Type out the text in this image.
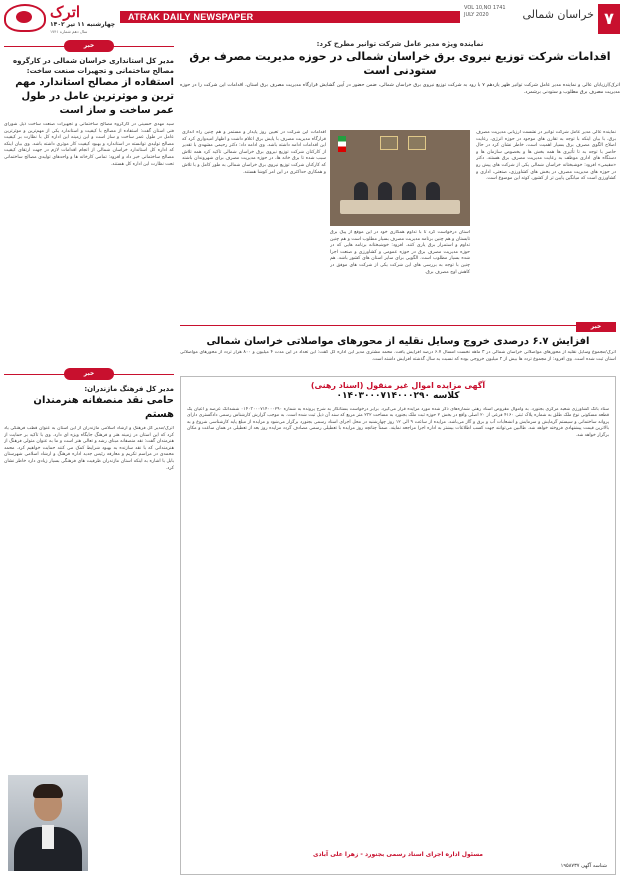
۷
خراسان شمالی
VOL 10,NO 1741 JULY 2020
ATRAK DAILY NEWSPAPER
اترک
چهارشنبه ۱۱ تیر ۱۴۰۲
سال دهم شماره ۱۷۴۱
نماینده ویژه مدیر عامل شرکت توانیر مطرح کرد:
اقدامات شرکت توزیع نیروی برق خراسان شمالی در حوزه مدیریت مصرف برق ستودنی است
اترک/ارزیابان عالی و نماینده مدیر عامل شرکت توانیر ظهر یازدهم ۷ با رود به شرکت توزیع نیروی برق خراسان شمالی، ضمن حضور در آیین گشایش قرارگاه مدیریت مصرف برق استان، اقدامات این شرکت را در حوزه مدیریت مصرف برق مطلوب و ستودنی برشمرد.
نماینده عالی مدیر عامل شرکت توانیر در نشست ارزیابی مدیریت مصرف برق، با بیان اینکه با توجه به تقارن های موجود در حوزه انرژی، رعایت اصلاح الگوی مصرف برق بسیار اهمیت است، خاطر نشان کرد در حال حاضر با توجه به تا تأثیری ها همه بخش ها و بخصوص سازمان ها و دستگاه های اداری موظف به رعایت مدیریت مصرف برق هستند. دکتر «مقیمی» افزود: خوشبختانه خراسان شمالی یکی از شرکت های پیش رو در حوزه های مدیریت مصرف در بخش های کشاورزی، صنعتی، اداری و کشاورزی است که میانگین پایین تر از کشور، کوته این موضوع است.
استان درخواست کرد تا با تداوم همکاری خود در این موقع از پیک برق تابستان و هم چنین برنامه مدیریت مصرف بسیار مطلوب است و هم چنین تداوم و استمرار برق یاری کنند. افزود: خوشبختانه برنامه هایی که در حوزه مدیریت مصرف برق در حوزه عمومی و کشاورزی و صنعت اجرا شده بسیار مطلوب است. الگویی برای سایر استان های کشور باشد. هم چنین با توجه به بررسی های این شرکت یکی از شرکت های موفق در کاهش اوج مصرف برق.
اقدامات این شرکت در تعیین روز پایدار و مستمر و هم چنین راه اندازی قرارگاه مدیریت مصرف با پایش برق اعلام داشت و اظهار امیدواری کرد که این اقدامات ادامه داشته باشد. وی ادامه داد: دکتر رحیمی مشهدی با تقدیر از کارکنان شرکت توزیع نیروی برق خراسان شمالی تاکید کرد همه تلاش سبب شده تا برق خانه ها، در حوزه مدیریت مصرف برای شهروندان باشند که کارکنان شرکت توزیع نیروی برق خراسان شمالی به طور کامل و با تلاش و همکاری حداکثری در این امر کوشا هستند.
خبر
افزایش ۶.۷ درصدی خروج وسایل نقلیه از محورهای مواصلاتی خراسان شمالی
اترک/مجموع وسایل نقلیه از محورهای مواصلاتی خراسان شمالی در ۳ ماهه نخست امسال ۶.۷ درصد افزایش یافت. محمد مشتری مدیر این اداره کل گفت: این تعداد در این مدت ۴ میلیون و ۸۰۰ هزار تردد از محورهای مواصلاتی استان ثبت شده است. وی افزود: از مجموع تردد ها بیش از ۲ میلیون خروجی بوده که نسبت به سال گذشته افزایش داشته است.
آگهی مزایده اموال غیر منقول (اسناد رهنی)
کلاسه ۰۱۴۰۳۰۰۰۷۱۴۰۰۰۲۹۰
ستاد بانک کشاورزی شعبه مرکزی بجنورد. به واموال مقروض اسناد رهنی شماره‌های ذکر شده مورد مزایده قرار می‌گیرد. برابر درخواست بستانکار به شرح پرونده به شماره ۰۱۴۰۳۰۰۰۷۱۴۰۰۰۲۹۰ ششدانگ عرصه و اعیان یک قطعه مسکونی نوع ملک طلق به شماره پلاک ثبتی ۴۱۶۰ فرعی از ۲۰ اصلی واقع در بخش ۲ حوزه ثبت ملک بجنورد به مساحت ۲۳۲ متر مربع که سند آن ذیل ثبت شده است. به موجب گزارش کارشناس رسمی دادگستری دارای پروانه ساختمانی و سیستم گرمایش و سرمایش و انشعابات آب و برق و گاز می‌باشد. مزایده از ساعت ۹ الی ۱۲ روز چهارشنبه در محل اجرای اسناد رسمی بجنورد برگزار می‌شود و مزایده از مبلغ پایه کارشناسی شروع و به بالاترین قیمت پیشنهادی فروخته خواهد شد. طالبین می‌توانند جهت کسب اطلاعات بیشتر به اداره اجرا مراجعه نمایند. ضمناً چنانچه روز مزایده با تعطیلی رسمی مصادف گردد مزایده روز بعد از تعطیلی در همان ساعت و مکان برگزار خواهد شد.
مسئول اداره اجرای اسناد رسمی بجنورد - زهرا علی آبادی
شناسه آگهی ۱۹۵۸۷۳۷
خبر
مدیر کل استانداری خراسان شمالی در کارگروه مصالح ساختمانی و تجهیزات صنعت ساخت:
استفاده از مصالح استاندارد مهم ترین و موثرترین عامل در طول عمر ساخت و ساز است
سید مهدی حسینی در کارگروه مصالح ساختمانی و تجهیزات صنعت ساخت ذیل شورای فنی استان گفت: استفاده از مصالح با کیفیت و استاندارد یکی از مهم‌ترین و موثرترین عامل در طول عمر ساخت و ساز است و این زمینه این اداره کل با نظارت بر کیفیت مصالح تولیدی توانسته در استاندارد و بهبود کیفیت کار موثری داشته باشد. وی بیان اینکه که اداره کل استاندارد خراسان شمالی از انجام اقدامات لازم در جهت ارتقای کیفیت مصالح ساختمانی خبر داد و افزود: تمامی کارخانه ها و واحدهای تولیدی مصالح ساختمانی تحت نظارت این اداره کل هستند.
خبر
مدیر کل فرهنگ مازندران:
حامی نقد منصفانه هنرمندان هستم
اترک/مدیر کل فرهنگ و ارشاد اسلامی مازندران از این استان به عنوان قطب فرهنگی یاد کرد که این استان در زمینه هنر و فرهنگ جایگاه ویژه ای دارد. وی با تاکید بر حمایت از هنرمندان گفت: نقد منصفانه مبنای رشد و تعالی هنر است و ما به عنوان متولی فرهنگ از هنرمندانی که با نقد سازنده به بهبود شرایط کمک می کنند حمایت خواهیم کرد. محمد محمدی در مراسم تکریم و معارفه رئیس جدید اداره فرهنگ و ارشاد اسلامی شهرستان بابل با اشاره به اینکه استان مازندران ظرفیت های فرهنگی بسیار زیادی دارد خاطر نشان کرد.
